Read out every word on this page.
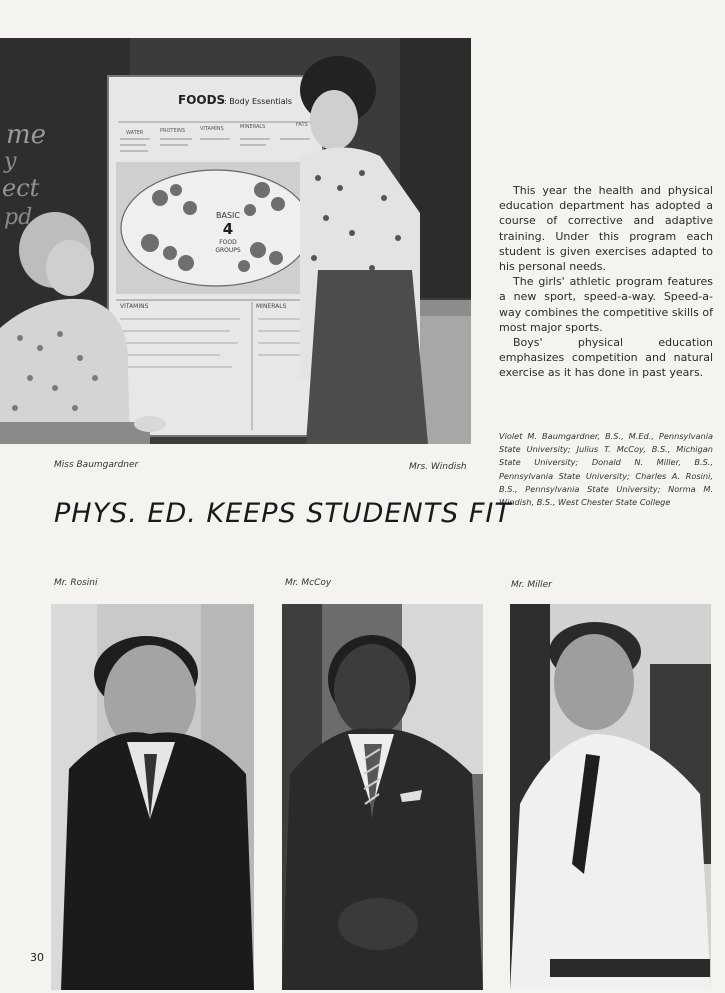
me
y
ect
pd
FOODS
: Body Essentials
WATER	PROTEINS	VITAMINS	MINERALS	FATS
BASIC
4
FOOD
GROUPS
VITAMINS	MINERALS
Miss Baumgardner	Mrs. Windish

This year the health and physical education department has adopted a course of corrective and adaptive training. Under this program each student is given exercises adapted to his personal needs.

The girls' athletic program features a new sport, speed-a-way. Speed-a-way combines the competitive skills of most major sports.

Boys' physical education emphasizes competition and natural exercise as it has done in past years.

Violet M. Baumgardner, B.S., M.Ed., Pennsylvania State University; Julius T. McCoy, B.S., Michigan State University; Donald N. Miller, B.S., Pennsylvania State University; Charles A. Rosini, B.S., Pennsylvania State University; Norma M. Windish, B.S., West Chester State College
PHYS. ED. KEEPS STUDENTS FIT
Mr. Rosini	Mr. McCoy	Mr. Miller
30
